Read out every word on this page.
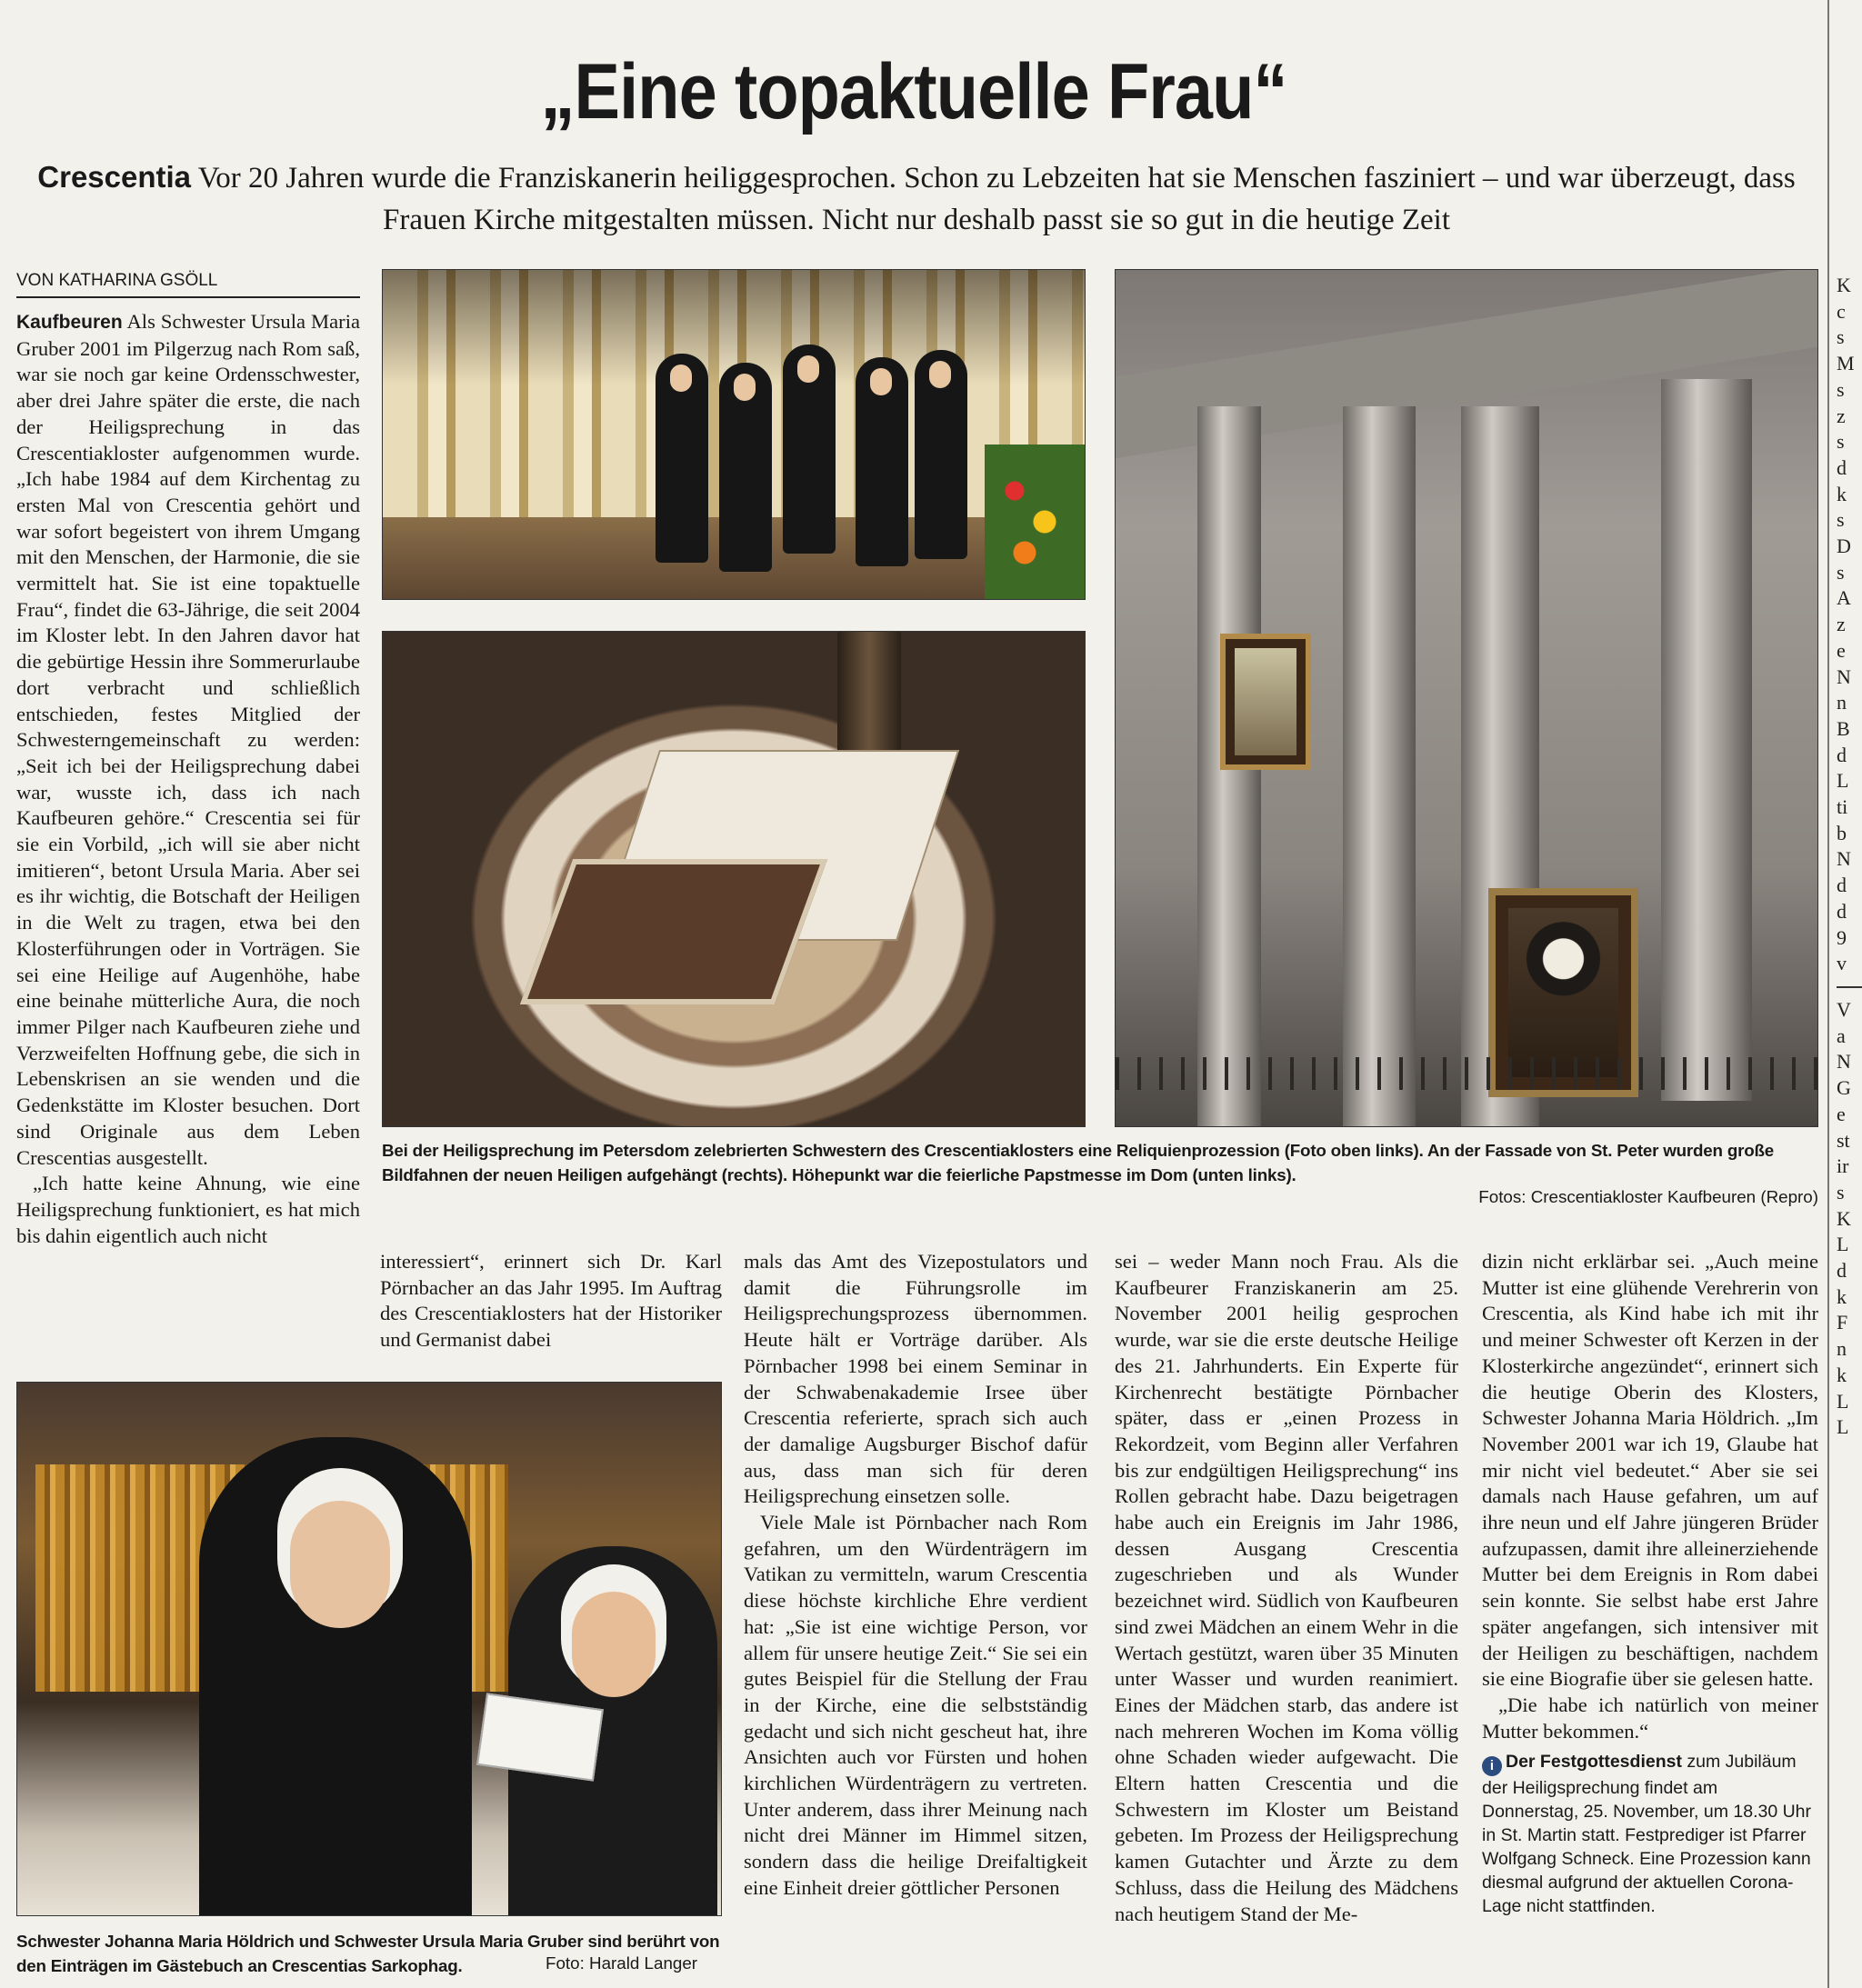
„Eine topaktuelle Frau“
Crescentia Vor 20 Jahren wurde die Franziskanerin heiliggesprochen. Schon zu Lebzeiten hat sie Menschen fasziniert – und war überzeugt, dass Frauen Kirche mitgestalten müssen. Nicht nur deshalb passt sie so gut in die heutige Zeit
VON KATHARINA GSÖLL

Kaufbeuren Als Schwester Ursula Maria Gruber 2001 im Pilgerzug nach Rom saß, war sie noch gar keine Ordensschwester, aber drei Jahre später die erste, die nach der Heiligsprechung in das Crescentiakloster aufgenommen wurde. „Ich habe 1984 auf dem Kirchentag zu ersten Mal von Crescentia gehört und war sofort begeistert von ihrem Umgang mit den Menschen, der Harmonie, die sie vermittelt hat. Sie ist eine topaktuelle Frau“, findet die 63-Jährige, die seit 2004 im Kloster lebt. In den Jahren davor hat die gebürtige Hessin ihre Sommerurlaube dort verbracht und schließlich entschieden, festes Mitglied der Schwesterngemeinschaft zu werden: „Seit ich bei der Heiligsprechung dabei war, wusste ich, dass ich nach Kaufbeuren gehöre.“ Crescentia sei für sie ein Vorbild, „ich will sie aber nicht imitieren“, betont Ursula Maria. Aber sei es ihr wichtig, die Botschaft der Heiligen in die Welt zu tragen, etwa bei den Klosterführungen oder in Vorträgen. Sie sei eine Heilige auf Augenhöhe, habe eine beinahe mütterliche Aura, die noch immer Pilger nach Kaufbeuren ziehe und Verzweifelten Hoffnung gebe, die sich in Lebenskrisen an sie wenden und die Gedenkstätte im Kloster besuchen. Dort sind Originale aus dem Leben Crescentias ausgestellt.

„Ich hatte keine Ahnung, wie eine Heiligsprechung funktioniert, es hat mich bis dahin eigentlich auch nicht

interessiert“, erinnert sich Dr. Karl Pörnbacher an das Jahr 1995. Im Auftrag des Crescentiaklosters hat der Historiker und Germanist dabei

mals das Amt des Vizepostulators und damit die Führungsrolle im Heiligsprechungsprozess übernommen. Heute hält er Vorträge darüber. Als Pörnbacher 1998 bei einem Seminar in der Schwabenakademie Irsee über Crescentia referierte, sprach sich auch der damalige Augsburger Bischof dafür aus, dass man sich für deren Heiligsprechung einsetzen solle.

Viele Male ist Pörnbacher nach Rom gefahren, um den Würdenträgern im Vatikan zu vermitteln, warum Crescentia diese höchste kirchliche Ehre verdient hat: „Sie ist eine wichtige Person, vor allem für unsere heutige Zeit.“ Sie sei ein gutes Beispiel für die Stellung der Frau in der Kirche, eine die selbstständig gedacht und sich nicht gescheut hat, ihre Ansichten auch vor Fürsten und hohen kirchlichen Würdenträgern zu vertreten. Unter anderem, dass ihrer Meinung nach nicht drei Männer im Himmel sitzen, sondern dass die heilige Dreifaltigkeit eine Einheit dreier göttlicher Personen

sei – weder Mann noch Frau. Als die Kaufbeurer Franziskanerin am 25. November 2001 heilig gesprochen wurde, war sie die erste deutsche Heilige des 21. Jahrhunderts. Ein Experte für Kirchenrecht bestätigte Pörnbacher später, dass er „einen Prozess in Rekordzeit, vom Beginn aller Verfahren bis zur endgültigen Heiligsprechung“ ins Rollen gebracht habe. Dazu beigetragen habe auch ein Ereignis im Jahr 1986, dessen Ausgang Crescentia zugeschrieben und als Wunder bezeichnet wird. Südlich von Kaufbeuren sind zwei Mädchen an einem Wehr in die Wertach gestützt, waren über 35 Minuten unter Wasser und wurden reanimiert. Eines der Mädchen starb, das andere ist nach mehreren Wochen im Koma völlig ohne Schaden wieder aufgewacht. Die Eltern hatten Crescentia und die Schwestern im Kloster um Beistand gebeten. Im Prozess der Heiligsprechung kamen Gutachter und Ärzte zu dem Schluss, dass die Heilung des Mädchens nach heutigem Stand der Me-

dizin nicht erklärbar sei. „Auch meine Mutter ist eine glühende Verehrerin von Crescentia, als Kind habe ich mit ihr und meiner Schwester oft Kerzen in der Klosterkirche angezündet“, erinnert sich die heutige Oberin des Klosters, Schwester Johanna Maria Höldrich. „Im November 2001 war ich 19, Glaube hat mir nicht viel bedeutet.“ Aber sie sei damals nach Hause gefahren, um auf ihre neun und elf Jahre jüngeren Brüder aufzupassen, damit ihre alleinerziehende Mutter bei dem Ereignis in Rom dabei sein konnte. Sie selbst habe erst Jahre später angefangen, sich intensiver mit der Heiligen zu beschäftigen, nachdem sie eine Biografie über sie gelesen hatte.

„Die habe ich natürlich von meiner Mutter bekommen.“

i Der Festgottesdienst zum Jubiläum der Heiligsprechung findet am Donnerstag, 25. November, um 18.30 Uhr in St. Martin statt. Festprediger ist Pfarrer Wolfgang Schneck. Eine Prozession kann diesmal aufgrund der aktuellen Corona-Lage nicht stattfinden.
Bei der Heiligsprechung im Petersdom zelebrierten Schwestern des Crescentiaklosters eine Reliquienprozession (Foto oben links). An der Fassade von St. Peter wurden große Bildfahnen der neuen Heiligen aufgehängt (rechts). Höhepunkt war die feierliche Papstmesse im Dom (unten links).
Fotos: Crescentiakloster Kaufbeuren (Repro)
Schwester Johanna Maria Höldrich und Schwester Ursula Maria Gruber sind berührt von den Einträgen im Gästebuch an Crescentias Sarkophag.	Foto: Harald Langer
K
c
s
M
s
z
s
d
k
s
D
s
A
z
e
N
n
B
d
L
ti
b
N
d
d
9
v
V
a
N
G
e
st
ir
s
K
L
d
k
F
n
k
L
L
